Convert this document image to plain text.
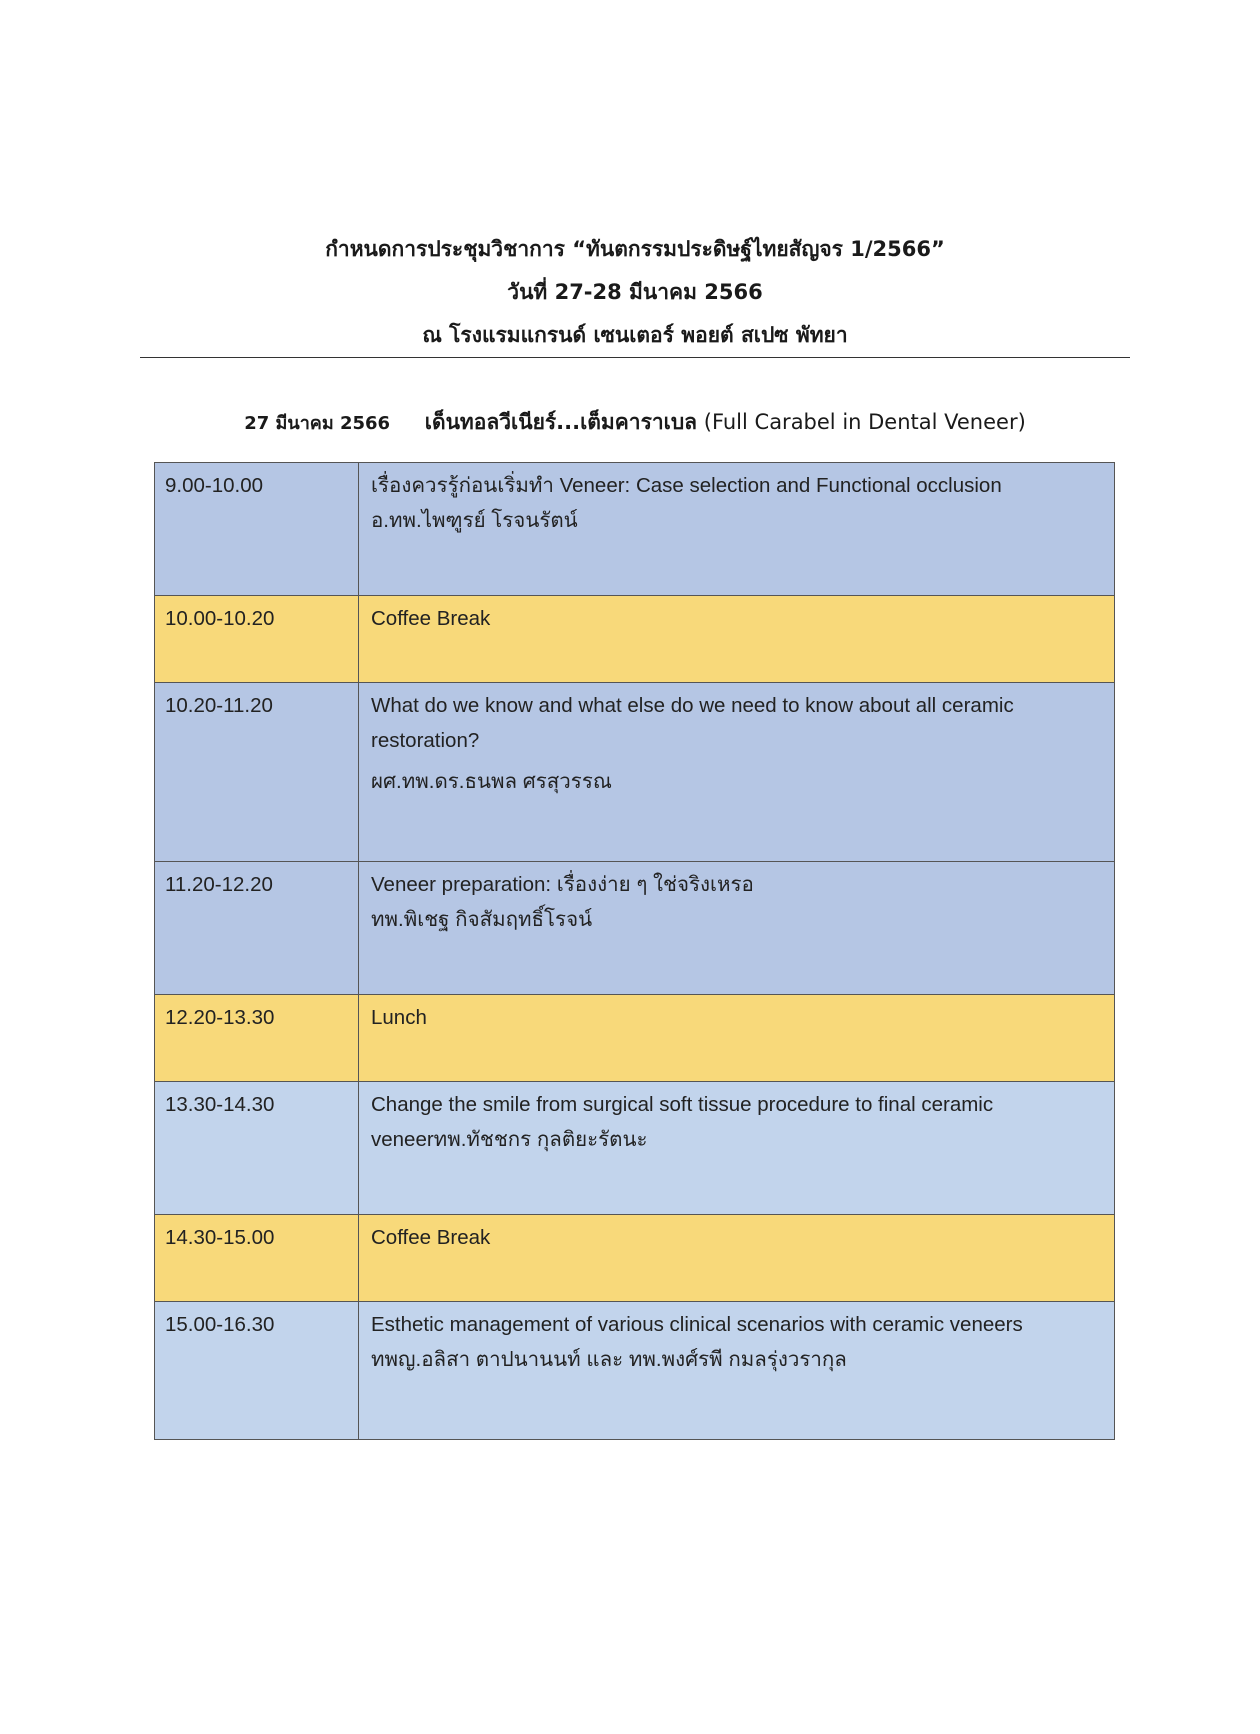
กำหนดการประชุมวิชาการ “ทันตกรรมประดิษฐ์ไทยสัญจร 1/2566”
วันที่ 27-28 มีนาคม 2566
ณ โรงแรมแกรนด์ เซนเตอร์ พอยต์ สเปซ พัทยา
27 มีนาคม 2566 เด็นทอลวีเนียร์...เต็มคาราเบล (Full Carabel in Dental Veneer)
9.00-10.00	เรื่องควรรู้ก่อนเริ่มทำ Veneer: Case selection and Functional occlusion
อ.ทพ.ไพฑูรย์ โรจนรัตน์

10.00-10.20	Coffee Break

10.20-11.20	What do we know and what else do we need to know about all ceramic
restoration?
ผศ.ทพ.ดร.ธนพล ศรสุวรรณ

11.20-12.20	Veneer preparation: เรื่องง่าย ๆ ใช่จริงเหรอ
ทพ.พิเชฐ กิจสัมฤทธิ์โรจน์

12.20-13.30	Lunch

13.30-14.30	Change the smile from surgical soft tissue procedure to final ceramic
veneerทพ.ทัชชกร กุลติยะรัตนะ

14.30-15.00	Coffee Break

15.00-16.30	Esthetic management of various clinical scenarios with ceramic veneers
ทพญ.อลิสา ตาปนานนท์ และ ทพ.พงศ์รพี กมลรุ่งวรากุล
